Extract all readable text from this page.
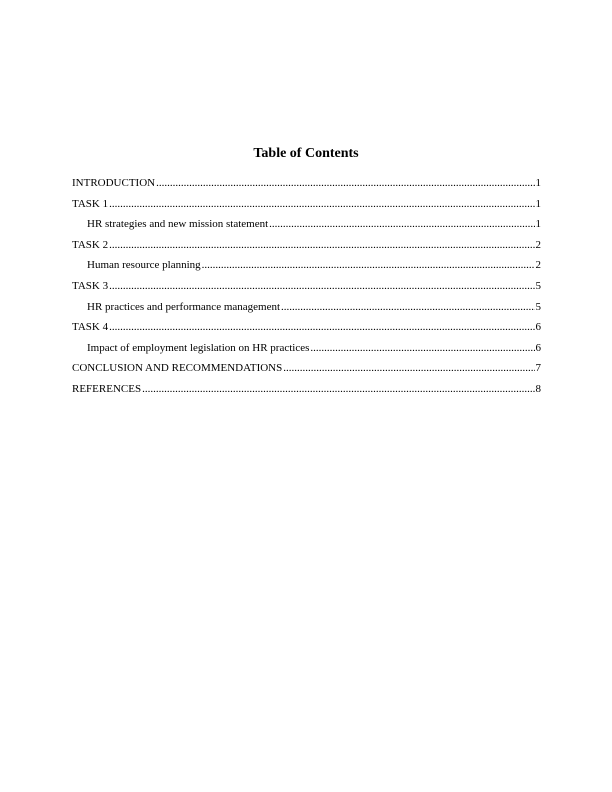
Table of Contents
INTRODUCTION .....	1
TASK 1 .....	1
HR strategies and new mission statement .....	1
TASK 2 .....	2
Human resource planning .....	2
TASK 3 .....	5
HR practices and performance management .....	5
TASK 4 .....	6
Impact of employment legislation on HR practices .....	6
CONCLUSION AND RECOMMENDATIONS .....	7
REFERENCES .....	8
